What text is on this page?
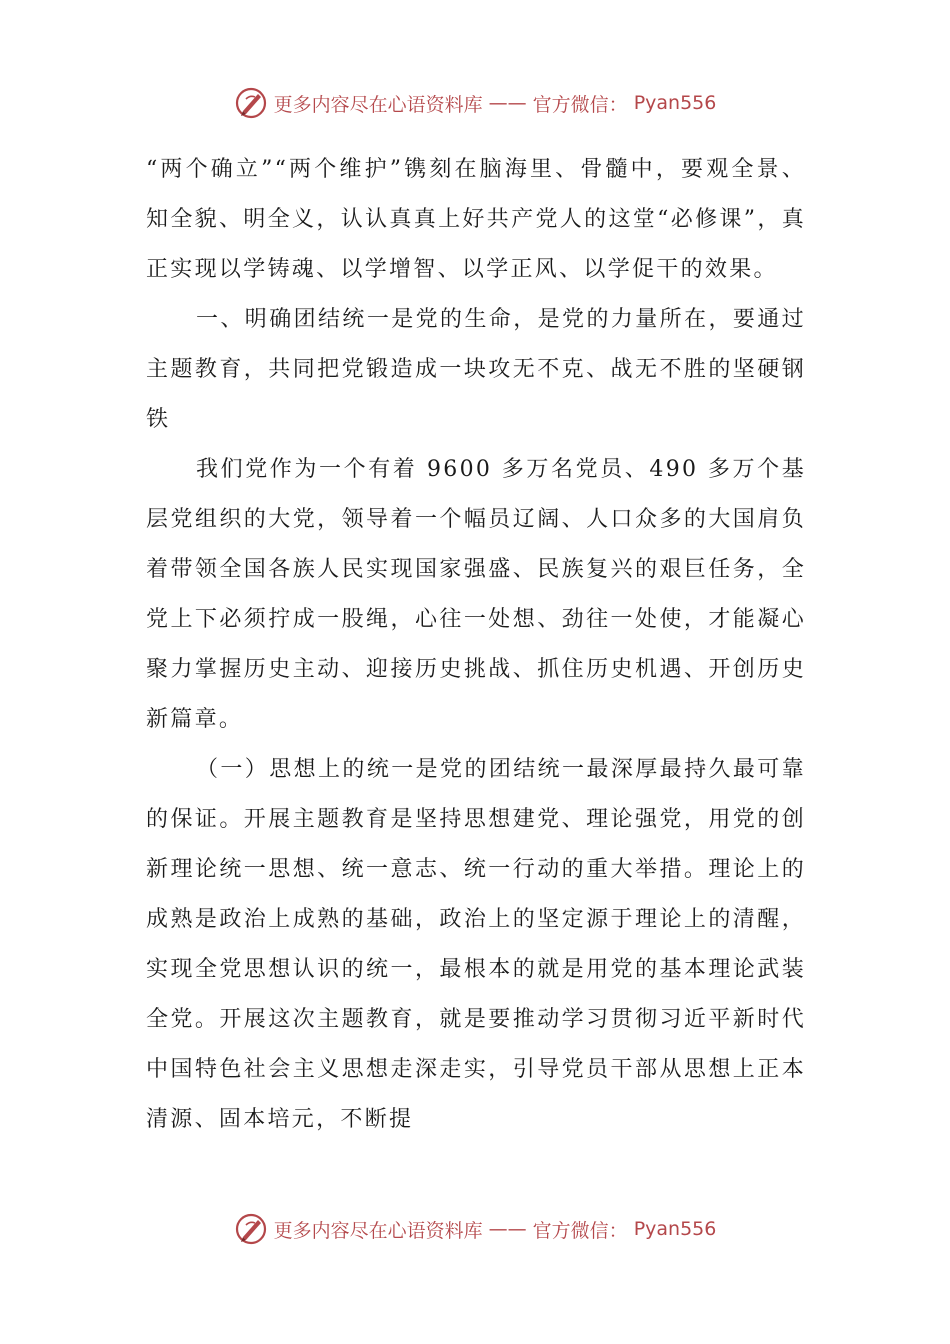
更多内容尽在心语资料库 —— 官方微信： Pyan556

“两个确立”“两个维护”镌刻在脑海里、骨髓中，要观全景、知全貌、明全义，认认真真上好共产党人的这堂“必修课”，真正实现以学铸魂、以学增智、以学正风、以学促干的效果。

一、明确团结统一是党的生命，是党的力量所在，要通过主题教育，共同把党锻造成一块攻无不克、战无不胜的坚硬钢铁

我们党作为一个有着 9600 多万名党员、490 多万个基层党组织的大党，领导着一个幅员辽阔、人口众多的大国肩负着带领全国各族人民实现国家强盛、民族复兴的艰巨任务，全党上下必须拧成一股绳，心往一处想、劲往一处使，才能凝心聚力掌握历史主动、迎接历史挑战、抓住历史机遇、开创历史新篇章。

（一）思想上的统一是党的团结统一最深厚最持久最可靠的保证。开展主题教育是坚持思想建党、理论强党，用党的创新理论统一思想、统一意志、统一行动的重大举措。理论上的成熟是政治上成熟的基础，政治上的坚定源于理论上的清醒，实现全党思想认识的统一，最根本的就是用党的基本理论武装全党。开展这次主题教育，就是要推动学习贯彻习近平新时代中国特色社会主义思想走深走实，引导党员干部从思想上正本清源、固本培元，不断提

更多内容尽在心语资料库 —— 官方微信： Pyan556
